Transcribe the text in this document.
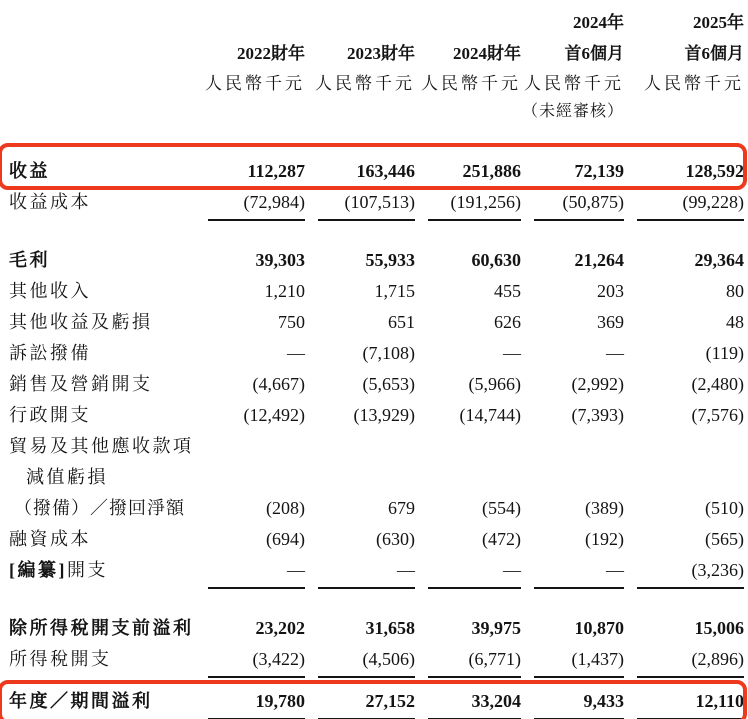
				2024年	2025年
	2022財年	2023財年	2024財年	首6個月	首6個月
	人民幣千元	人民幣千元	人民幣千元	人民幣千元	人民幣千元
				（未經審核）	

收益	112,287	163,446	251,886	72,139	128,592
收益成本	(72,984)	(107,513)	(191,256)	(50,875)	(99,228)

毛利	39,303	55,933	60,630	21,264	29,364
其他收入	1,210	1,715	455	203	80
其他收益及虧損	750	651	626	369	48
訴訟撥備	—	(7,108)	—	—	(119)
銷售及營銷開支	(4,667)	(5,653)	(5,966)	(2,992)	(2,480)
行政開支	(12,492)	(13,929)	(14,744)	(7,393)	(7,576)
貿易及其他應收款項					
減值虧損					
（撥備）／撥回淨額	(208)	679	(554)	(389)	(510)
融資成本	(694)	(630)	(472)	(192)	(565)
[編纂]開支	—	—	—	—	(3,236)

除所得稅開支前溢利	23,202	31,658	39,975	10,870	15,006
所得稅開支	(3,422)	(4,506)	(6,771)	(1,437)	(2,896)

年度／期間溢利	19,780	27,152	33,204	9,433	12,110
